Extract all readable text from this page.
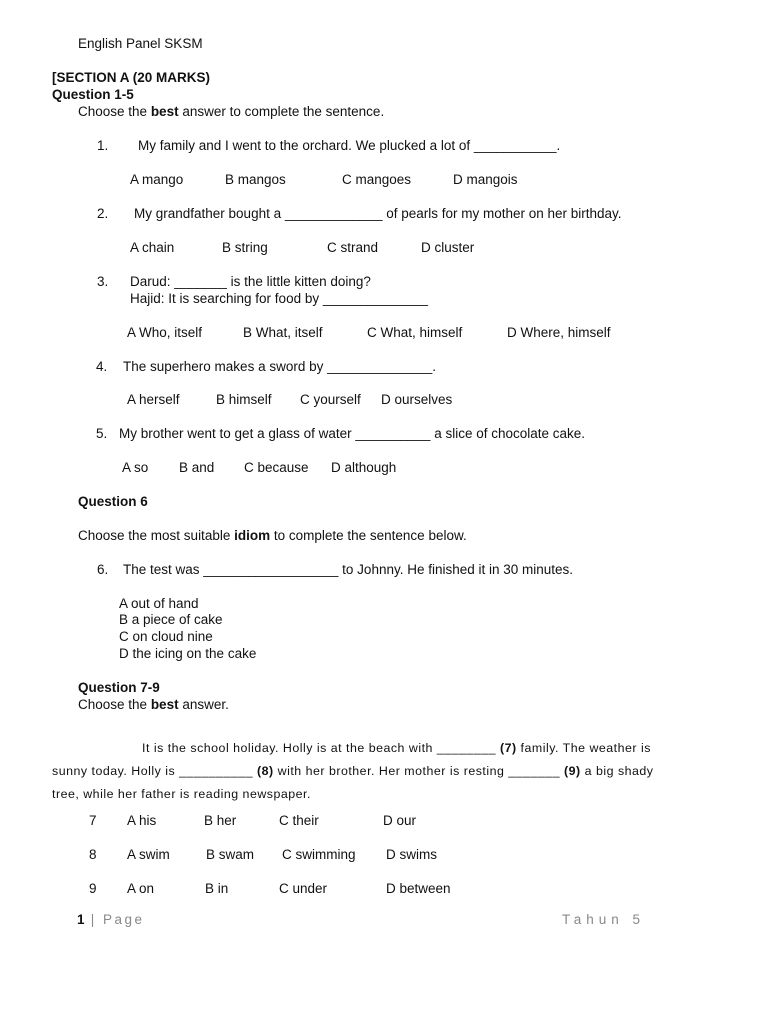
English Panel SKSM
[SECTION A (20 MARKS)
Question 1-5
Choose the best answer to complete the sentence.
1. My family and I went to the orchard. We plucked a lot of ___________.
A mango	B mangos	C mangoes	D mangois
2. My grandfather bought a _____________ of pearls for my mother on her birthday.
A chain	B string	C strand	D cluster
3. Darud: _______ is the little kitten doing?
Hajid: It is searching for food by ______________
A Who, itself	B What, itself	C What, himself	D Where, himself
4. The superhero makes a sword by ______________.
A herself	B himself C yourself D ourselves
5. My brother went to get a glass of water __________ a slice of chocolate cake.
A so B and C because D although
Question 6
Choose the most suitable idiom to complete the sentence below.
6. The test was __________________ to Johnny. He finished it in 30 minutes.
A out of hand
B a piece of cake
C on cloud nine
D the icing on the cake
Question 7-9
Choose the best answer.
It is the school holiday. Holly is at the beach with ________ (7) family. The weather is
sunny today. Holly is __________ (8) with her brother. Her mother is resting _______ (9) a big shady
tree, while her father is reading newspaper.
7 A his	B her	C their	D our
8 A swim	B swam C swimming D swims
9 A on	B in	C under	D between
1 | Page	Tahun 5
